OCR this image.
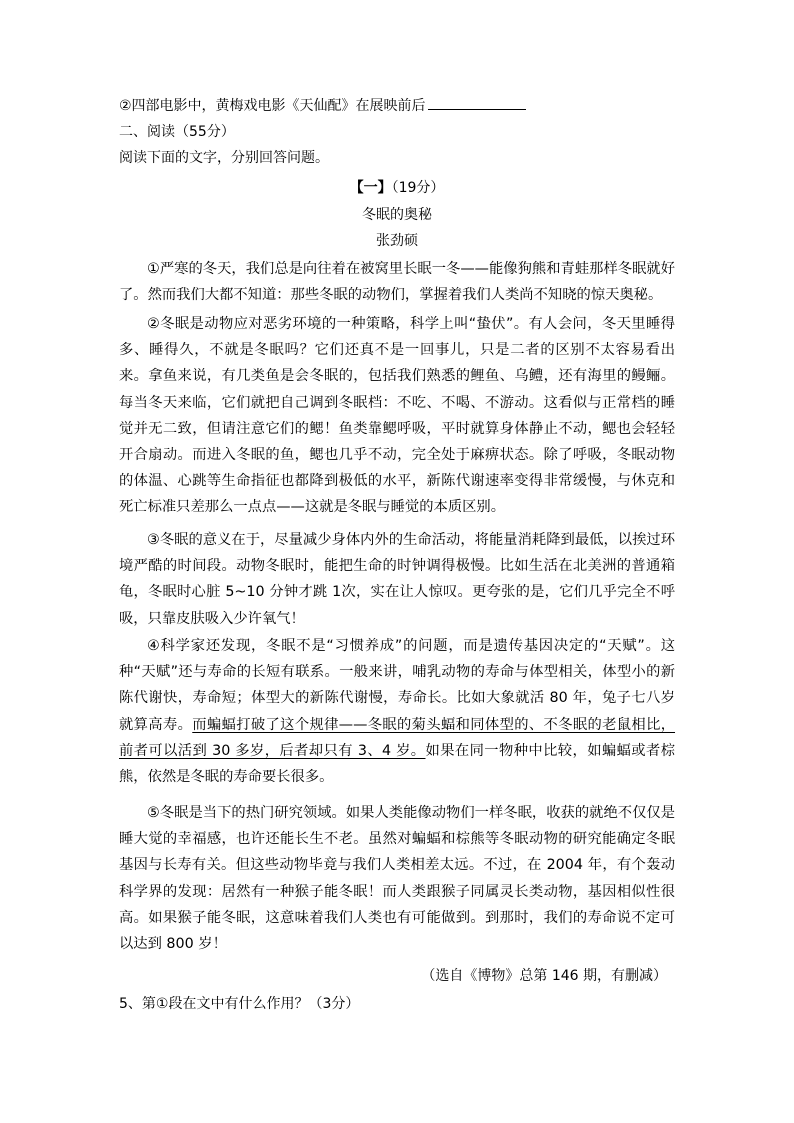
②四部电影中，黄梅戏电影《天仙配》在展映前后
二、阅读（55分）
阅读下面的文字，分别回答问题。
【一】（19分）
冬眠的奥秘
张劲硕
①严寒的冬天，我们总是向往着在被窝里长眠一冬——能像狗熊和青蛙那样冬眠就好了。然而我们大都不知道：那些冬眠的动物们，掌握着我们人类尚不知晓的惊天奥秘。
②冬眠是动物应对恶劣环境的一种策略，科学上叫“蛰伏”。有人会问，冬天里睡得多、睡得久，不就是冬眠吗？它们还真不是一回事儿，只是二者的区别不太容易看出来。拿鱼来说，有几类鱼是会冬眠的，包括我们熟悉的鲤鱼、乌鳢，还有海里的鳗鲡。每当冬天来临，它们就把自己调到冬眠档：不吃、不喝、不游动。这看似与正常档的睡觉并无二致，但请注意它们的鳃！鱼类靠鳃呼吸，平时就算身体静止不动，鳃也会轻轻开合扇动。而进入冬眠的鱼，鳃也几乎不动，完全处于麻痹状态。除了呼吸，冬眠动物的体温、心跳等生命指征也都降到极低的水平，新陈代谢速率变得非常缓慢，与休克和死亡标准只差那么一点点——这就是冬眠与睡觉的本质区别。
③冬眠的意义在于，尽量减少身体内外的生命活动，将能量消耗降到最低，以挨过环境严酷的时间段。动物冬眠时，能把生命的时钟调得极慢。比如生活在北美洲的普通箱龟，冬眠时心脏 5~10 分钟才跳 1次，实在让人惊叹。更夸张的是，它们几乎完全不呼吸，只靠皮肤吸入少许氧气！
④科学家还发现，冬眠不是“习惯养成”的问题，而是遗传基因决定的“天赋”。这种“天赋”还与寿命的长短有联系。一般来讲，哺乳动物的寿命与体型相关，体型小的新陈代谢快，寿命短；体型大的新陈代谢慢，寿命长。比如大象就活 80 年，兔子七八岁就算高寿。而蝙蝠打破了这个规律——冬眠的菊头蝠和同体型的、不冬眠的老鼠相比，前者可以活到 30 多岁，后者却只有 3、4 岁。如果在同一物种中比较，如蝙蝠或者棕熊，依然是冬眠的寿命要长很多。
⑤冬眠是当下的热门研究领域。如果人类能像动物们一样冬眠，收获的就绝不仅仅是睡大觉的幸福感，也许还能长生不老。虽然对蝙蝠和棕熊等冬眠动物的研究能确定冬眠基因与长寿有关。但这些动物毕竟与我们人类相差太远。不过，在 2004 年，有个轰动科学界的发现：居然有一种猴子能冬眠！而人类跟猴子同属灵长类动物，基因相似性很高。如果猴子能冬眠，这意味着我们人类也有可能做到。到那时，我们的寿命说不定可以达到 800 岁！
（选自《博物》总第 146 期，有删减）
5、第①段在文中有什么作用？（3分）
